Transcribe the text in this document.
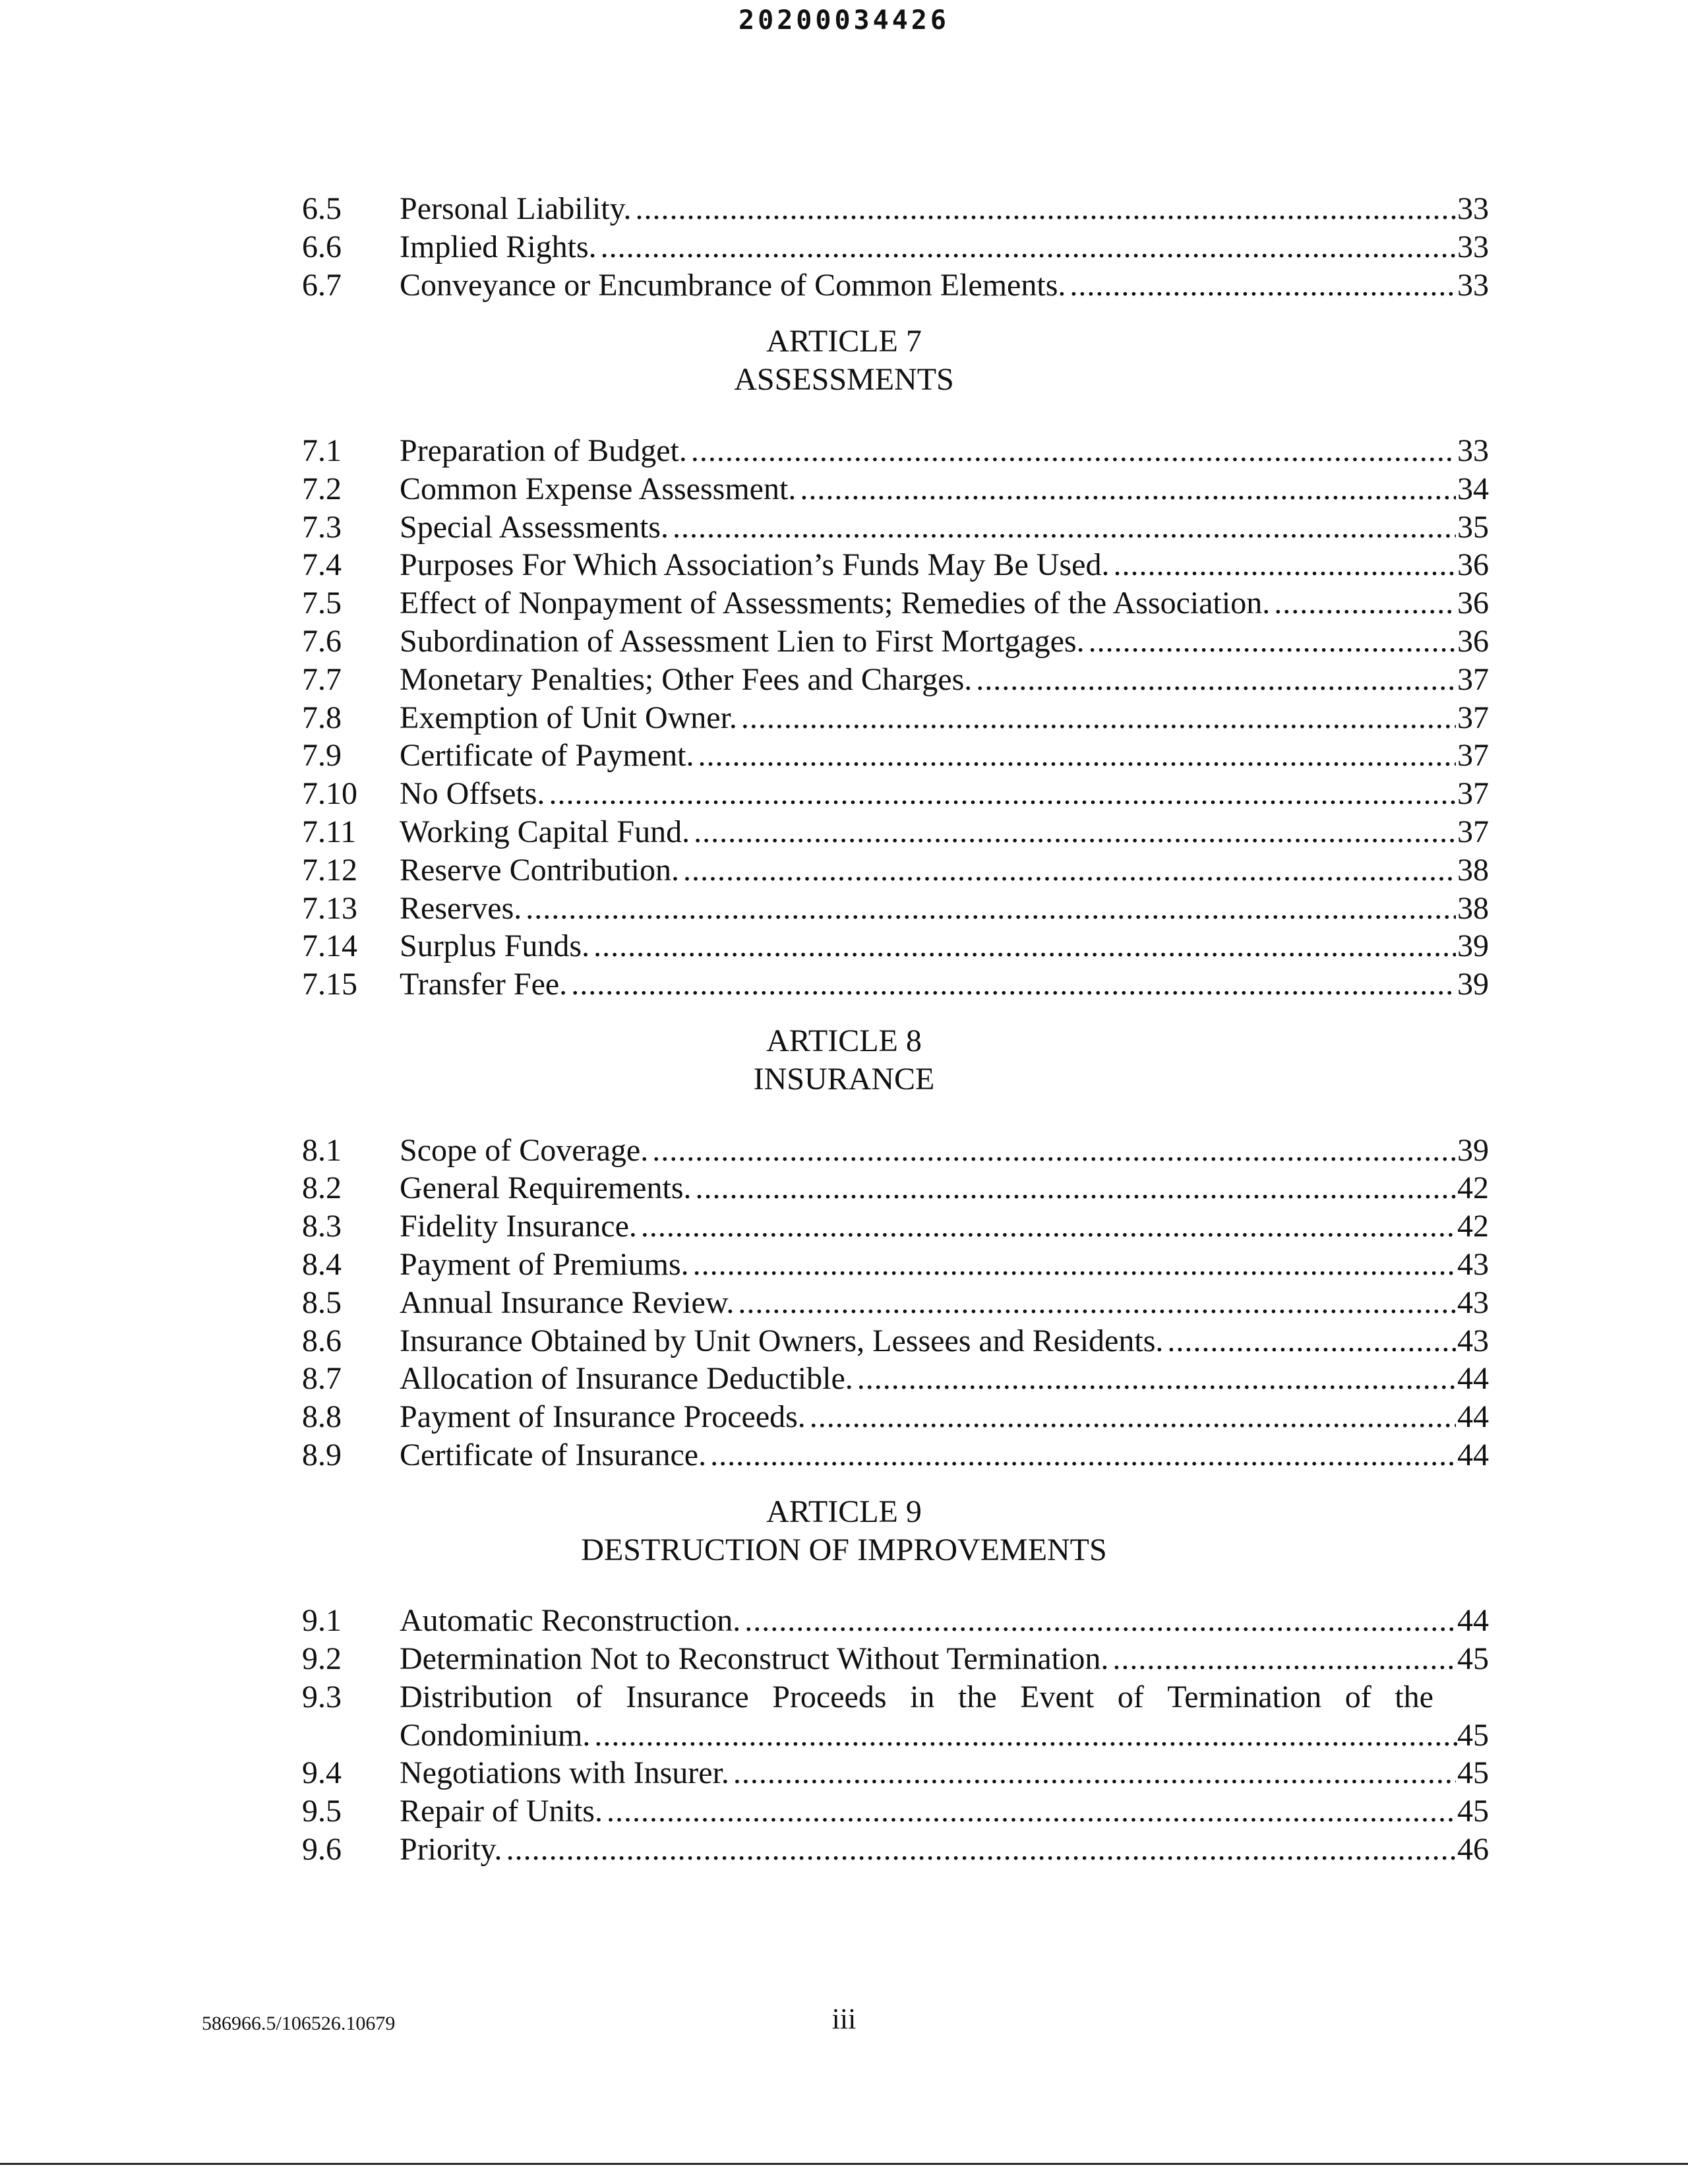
20200034426
6.5	Personal Liability. .....	33
6.6	Implied Rights. .....	33
6.7	Conveyance or Encumbrance of Common Elements. .....	33
ARTICLE 7
ASSESSMENTS
7.1	Preparation of Budget. .....	33
7.2	Common Expense Assessment. .....	34
7.3	Special Assessments. .....	35
7.4	Purposes For Which Association’s Funds May Be Used. .....	36
7.5	Effect of Nonpayment of Assessments; Remedies of the Association. .....	36
7.6	Subordination of Assessment Lien to First Mortgages. .....	36
7.7	Monetary Penalties; Other Fees and Charges. .....	37
7.8	Exemption of Unit Owner. .....	37
7.9	Certificate of Payment. .....	37
7.10	No Offsets. .....	37
7.11	Working Capital Fund. .....	37
7.12	Reserve Contribution. .....	38
7.13	Reserves. .....	38
7.14	Surplus Funds. .....	39
7.15	Transfer Fee. .....	39
ARTICLE 8
INSURANCE
8.1	Scope of Coverage. .....	39
8.2	General Requirements. .....	42
8.3	Fidelity Insurance. .....	42
8.4	Payment of Premiums. .....	43
8.5	Annual Insurance Review. .....	43
8.6	Insurance Obtained by Unit Owners, Lessees and Residents. .....	43
8.7	Allocation of Insurance Deductible. .....	44
8.8	Payment of Insurance Proceeds. .....	44
8.9	Certificate of Insurance. .....	44
ARTICLE 9
DESTRUCTION OF IMPROVEMENTS
9.1	Automatic Reconstruction. .....	44
9.2	Determination Not to Reconstruct Without Termination. .....	45
9.3	Distribution of Insurance Proceeds in the Event of Termination of the
Condominium. .....	45
9.4	Negotiations with Insurer. .....	45
9.5	Repair of Units. .....	45
9.6	Priority. .....	46
586966.5/106526.10679	iii
